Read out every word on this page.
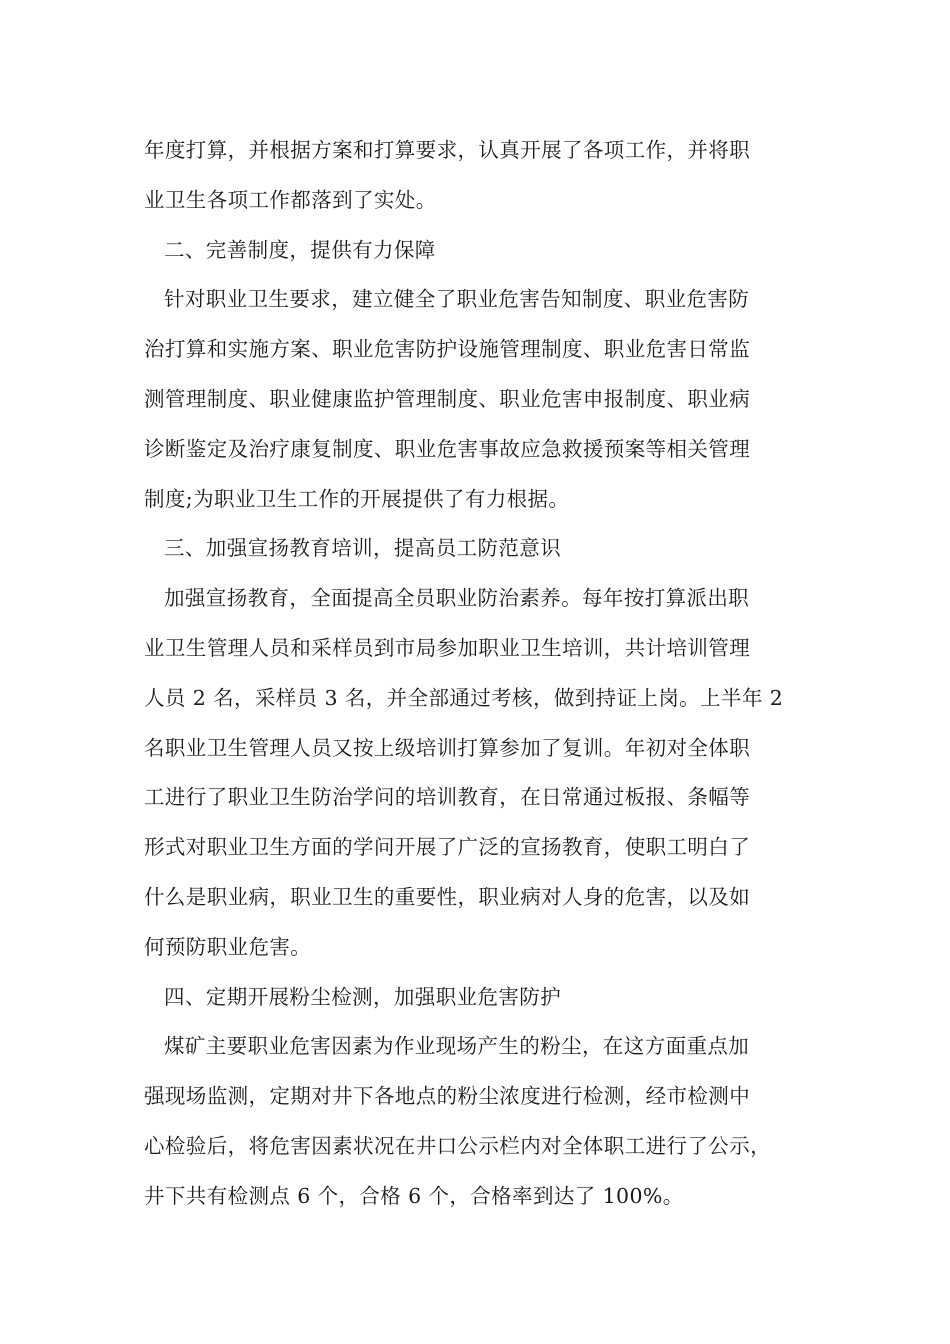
年度打算，并根据方案和打算要求，认真开展了各项工作，并将职
业卫生各项工作都落到了实处。
二、完善制度，提供有力保障
针对职业卫生要求，建立健全了职业危害告知制度、职业危害防
治打算和实施方案、职业危害防护设施管理制度、职业危害日常监
测管理制度、职业健康监护管理制度、职业危害申报制度、职业病
诊断鉴定及治疗康复制度、职业危害事故应急救援预案等相关管理
制度;为职业卫生工作的开展提供了有力根据。
三、加强宣扬教育培训，提高员工防范意识
加强宣扬教育，全面提高全员职业防治素养。每年按打算派出职
业卫生管理人员和采样员到市局参加职业卫生培训，共计培训管理
人员 2 名，采样员 3 名，并全部通过考核，做到持证上岗。上半年 2
名职业卫生管理人员又按上级培训打算参加了复训。年初对全体职
工进行了职业卫生防治学问的培训教育，在日常通过板报、条幅等
形式对职业卫生方面的学问开展了广泛的宣扬教育，使职工明白了
什么是职业病，职业卫生的重要性，职业病对人身的危害，以及如
何预防职业危害。
四、定期开展粉尘检测，加强职业危害防护
煤矿主要职业危害因素为作业现场产生的粉尘，在这方面重点加
强现场监测，定期对井下各地点的粉尘浓度进行检测，经市检测中
心检验后，将危害因素状况在井口公示栏内对全体职工进行了公示，
井下共有检测点 6 个，合格 6 个，合格率到达了 100%。
